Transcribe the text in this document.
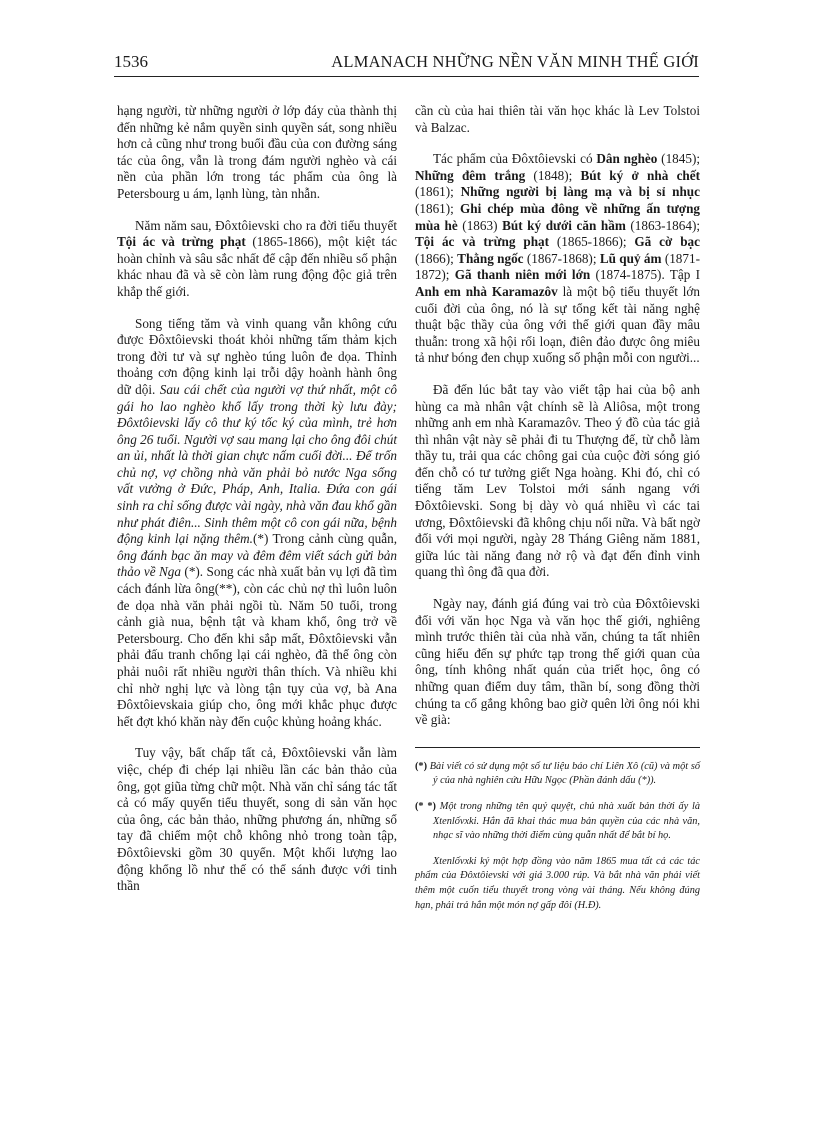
1536	ALMANACH NHỮNG NỀN VĂN MINH THẾ GIỚI

hạng người, từ những người ở lớp đáy của thành thị đến những kẻ nắm quyền sinh quyền sát, song nhiều hơn cả cũng như trong buổi đầu của con đường sáng tác của ông, vẫn là trong đám người nghèo và cái nền của phần lớn trong tác phẩm của ông là Petersbourg u ám, lạnh lùng, tàn nhẫn.

Năm năm sau, Đôxtôievski cho ra đời tiểu thuyết Tội ác và trừng phạt (1865-1866), một kiệt tác hoàn chỉnh và sâu sắc nhất để cập đến nhiều số phận khác nhau đã và sẽ còn làm rung động độc giả trên khắp thế giới.

Song tiếng tăm và vinh quang vẫn không cứu được Đôxtôievski thoát khỏi những tấm thảm kịch trong đời tư và sự nghèo túng luôn đe dọa. Thỉnh thoảng cơn động kinh lại trỗi dậy hoành hành ông dữ dội. Sau cái chết của người vợ thứ nhất, một cô gái ho lao nghèo khổ lấy trong thời kỳ lưu đày; Đôxtôievski lấy cô thư ký tốc ký của mình, trẻ hơn ông 26 tuổi. Người vợ sau mang lại cho ông đôi chút an ủi, nhất là thời gian chực nấm cuối đời... Để trốn chủ nợ, vợ chồng nhà văn phải bỏ nước Nga sống vất vưởng ở Đức, Pháp, Anh, Italia. Đứa con gái sinh ra chỉ sống được vài ngày, nhà văn đau khổ gần như phát điên... Sinh thêm một cô con gái nữa, bệnh động kinh lại nặng thêm.(*) Trong cảnh cùng quẫn, ông đánh bạc ăn may và đêm đêm viết sách gửi bản thảo về Nga (*). Song các nhà xuất bản vụ lợi đã tìm cách đánh lừa ông(**), còn các chủ nợ thì luôn luôn đe dọa nhà văn phải ngồi tù. Năm 50 tuổi, trong cảnh già nua, bệnh tật và kham khổ, ông trở về Petersbourg. Cho đến khi sắp mất, Đôxtôievski vẫn phải đấu tranh chống lại cái nghèo, đã thế ông còn phải nuôi rất nhiều người thân thích. Và nhiều khi chỉ nhờ nghị lực và lòng tận tụy của vợ, bà Ana Đôxtôievskaia giúp cho, ông mới khắc phục được hết đợt khó khăn này đến cuộc khủng hoảng khác.

Tuy vậy, bất chấp tất cả, Đôxtôievski vẫn làm việc, chép đi chép lại nhiều lần các bản thảo của ông, gọt giũa từng chữ một. Nhà văn chỉ sáng tác tất cả có mấy quyển tiểu thuyết, song di sản văn học của ông, các bản thảo, những phương án, những sổ tay đã chiếm một chỗ không nhỏ trong toàn tập, Đôxtôievski gồm 30 quyển. Một khối lượng lao động khổng lồ như thế có thể sánh được với tinh thần

cần cù của hai thiên tài văn học khác là Lev Tolstoi và Balzac.

Tác phẩm của Đôxtôievski có Dân nghèo (1845); Những đêm trắng (1848); Bút ký ở nhà chết (1861); Những người bị làng mạ và bị sỉ nhục (1861); Ghi chép mùa đông về những ấn tượng mùa hè (1863) Bút ký dưới căn hầm (1863-1864); Tội ác và trừng phạt (1865-1866); Gã cờ bạc (1866); Thằng ngốc (1867-1868); Lũ quỷ ám (1871-1872); Gã thanh niên mới lớn (1874-1875). Tập I Anh em nhà Karamazôv là một bộ tiểu thuyết lớn cuối đời của ông, nó là sự tổng kết tài năng nghệ thuật bậc thầy của ông với thế giới quan đầy mâu thuẫn: trong xã hội rối loạn, điên đảo được ông miêu tả như bóng đen chụp xuống số phận mỗi con người...

Đã đến lúc bắt tay vào viết tập hai của bộ anh hùng ca mà nhân vật chính sẽ là Aliôsa, một trong những anh em nhà Karamazôv. Theo ý đồ của tác giả thì nhân vật này sẽ phải đi tu Thượng đế, từ chỗ làm thầy tu, trải qua các chông gai của cuộc đời sóng gió đến chỗ có tư tưởng giết Nga hoàng. Khi đó, chỉ có tiếng tăm Lev Tolstoi mới sánh ngang với Đôxtôievski. Song bị dày vò quá nhiều vì các tai ương, Đôxtôievski đã không chịu nổi nữa. Và bất ngờ đối với mọi người, ngày 28 Tháng Giêng năm 1881, giữa lúc tài năng đang nở rộ và đạt đến đỉnh vinh quang thì ông đã qua đời.

Ngày nay, đánh giá đúng vai trò của Đôxtôievski đối với văn học Nga và văn học thế giới, nghiêng mình trước thiên tài của nhà văn, chúng ta tất nhiên cũng hiểu đến sự phức tạp trong thế giới quan của ông, tính không nhất quán của triết học, ông có những quan điểm duy tâm, thần bí, song đồng thời chúng ta cố gắng không bao giờ quên lời ông nói khi về già:

(*) Bài viết có sử dụng một số tư liệu báo chí Liên Xô (cũ) và một số ý của nhà nghiên cứu Hữu Ngọc (Phần đánh dấu (*)).

(* *) Một trong những tên quỷ quyệt, chủ nhà xuất bản thời ấy là Xtenlốvxki. Hắn đã khai thác mua bản quyền của các nhà văn, nhạc sĩ vào những thời điểm cùng quẫn nhất để bắt bí họ.

Xtenlốvxki ký một hợp đồng vào năm 1865 mua tất cả các tác phẩm của Đôxtôievski với giá 3.000 rúp. Và bắt nhà văn phải viết thêm một cuốn tiểu thuyết trong vòng vài tháng. Nếu không đúng hạn, phải trả hắn một món nợ gấp đôi (H.Đ).
